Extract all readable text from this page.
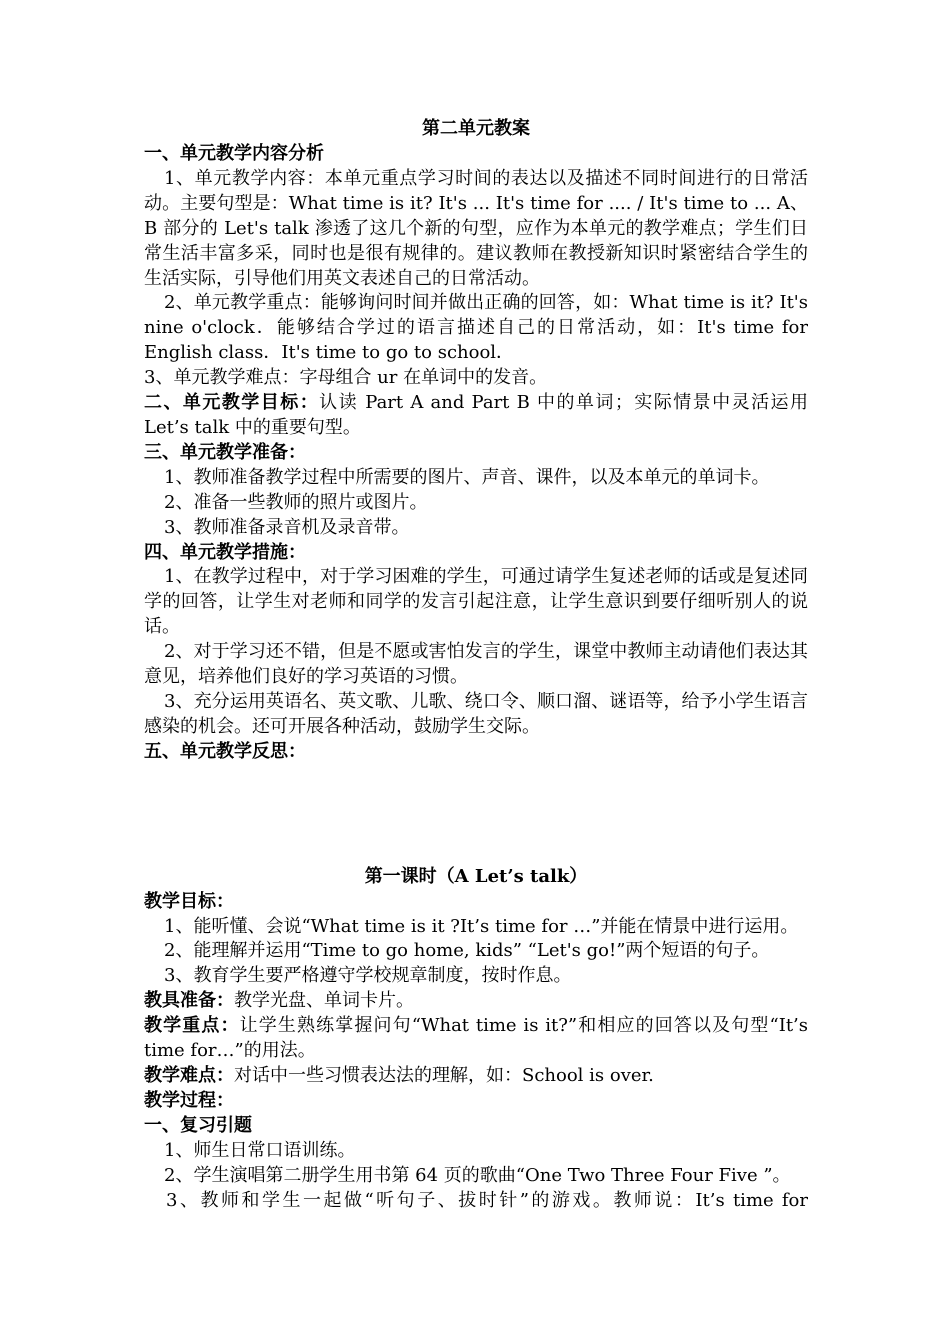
第二单元教案
一、单元教学内容分析
1、单元教学内容：本单元重点学习时间的表达以及描述不同时间进行的日常活动。主要句型是：What time is it? It's ... It's time for .... / It's time to ... A、B 部分的 Let's talk 渗透了这几个新的句型，应作为本单元的教学难点；学生们日常生活丰富多采，同时也是很有规律的。建议教师在教授新知识时紧密结合学生的生活实际，引导他们用英文表述自己的日常活动。
2、单元教学重点：能够询问时间并做出正确的回答，如：What time is it? It's nine o'clock．能够结合学过的语言描述自己的日常活动，如：It's time for English class．It's time to go to school．
3、单元教学难点：字母组合 ur 在单词中的发音。
二、单元教学目标：认读 Part A and Part B 中的单词；实际情景中灵活运用 Let’s talk 中的重要句型。
三、单元教学准备：
1、教师准备教学过程中所需要的图片、声音、课件，以及本单元的单词卡。
2、准备一些教师的照片或图片。
3、教师准备录音机及录音带。
四、单元教学措施：
1、在教学过程中，对于学习困难的学生，可通过请学生复述老师的话或是复述同学的回答，让学生对老师和同学的发言引起注意，让学生意识到要仔细听别人的说话。
2、对于学习还不错，但是不愿或害怕发言的学生，课堂中教师主动请他们表达其意见，培养他们良好的学习英语的习惯。
3、充分运用英语名、英文歌、儿歌、绕口令、顺口溜、谜语等，给予小学生语言感染的机会。还可开展各种活动，鼓励学生交际。
五、单元教学反思：
第一课时（A Let’s talk）
教学目标：
1、能听懂、会说“What time is it ?It’s time for …”并能在情景中进行运用。
2、能理解并运用“Time to go home, kids” “Let's go!”两个短语的句子。
3、教育学生要严格遵守学校规章制度，按时作息。
教具准备：教学光盘、单词卡片。
教学重点：让学生熟练掌握问句“What time is it?”和相应的回答以及句型“It’s time for…”的用法。
教学难点：对话中一些习惯表达法的理解，如：School is over.
教学过程：
一、复习引题
1、师生日常口语训练。
2、学生演唱第二册学生用书第 64 页的歌曲“One Two Three Four Five ”。
3、教师和学生一起做“听句子、拔时针”的游戏。教师说：It’s time for
